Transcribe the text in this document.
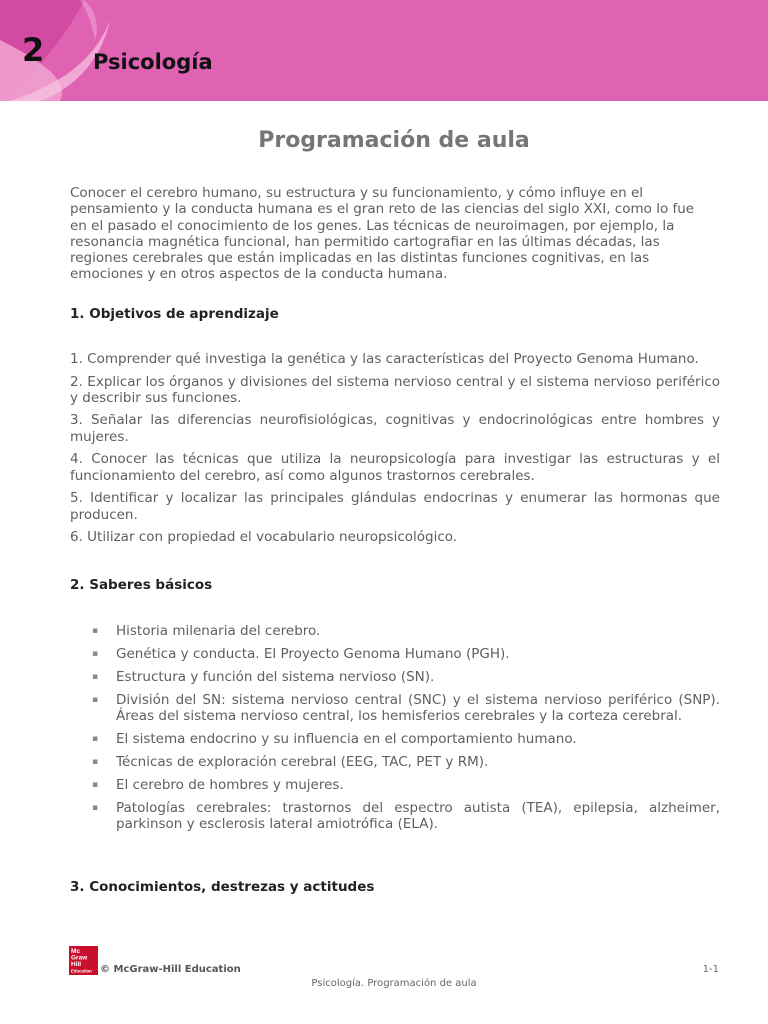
2 Psicología
Programación de aula

Conocer el cerebro humano, su estructura y su funcionamiento, y cómo influye en el pensamiento y la conducta humana es el gran reto de las ciencias del siglo XXI, como lo fue en el pasado el conocimiento de los genes. Las técnicas de neuroimagen, por ejemplo, la resonancia magnética funcional, han permitido cartografiar en las últimas décadas, las regiones cerebrales que están implicadas en las distintas funciones cognitivas, en las emociones y en otros aspectos de la conducta humana.

1. Objetivos de aprendizaje
1. Comprender qué investiga la genética y las características del Proyecto Genoma Humano.
2. Explicar los órganos y divisiones del sistema nervioso central y el sistema nervioso periférico y describir sus funciones.
3. Señalar las diferencias neurofisiológicas, cognitivas y endocrinológicas entre hombres y mujeres.
4. Conocer las técnicas que utiliza la neuropsicología para investigar las estructuras y el funcionamiento del cerebro, así como algunos trastornos cerebrales.
5. Identificar y localizar las principales glándulas endocrinas y enumerar las hormonas que producen.
6. Utilizar con propiedad el vocabulario neuropsicológico.
2. Saberes básicos
▪ Historia milenaria del cerebro.
▪ Genética y conducta. El Proyecto Genoma Humano (PGH).
▪ Estructura y función del sistema nervioso (SN).
▪ División del SN: sistema nervioso central (SNC) y el sistema nervioso periférico (SNP). Áreas del sistema nervioso central, los hemisferios cerebrales y la corteza cerebral.
▪ El sistema endocrino y su influencia en el comportamiento humano.
▪ Técnicas de exploración cerebral (EEG, TAC, PET y RM).
▪ El cerebro de hombres y mujeres.
▪ Patologías cerebrales: trastornos del espectro autista (TEA), epilepsia, alzheimer, parkinson y esclerosis lateral amiotrófica (ELA).
3. Conocimientos, destrezas y actitudes
Mc
Graw
Hill
Education © McGraw-Hill Education	1-1
Psicología. Programación de aula
